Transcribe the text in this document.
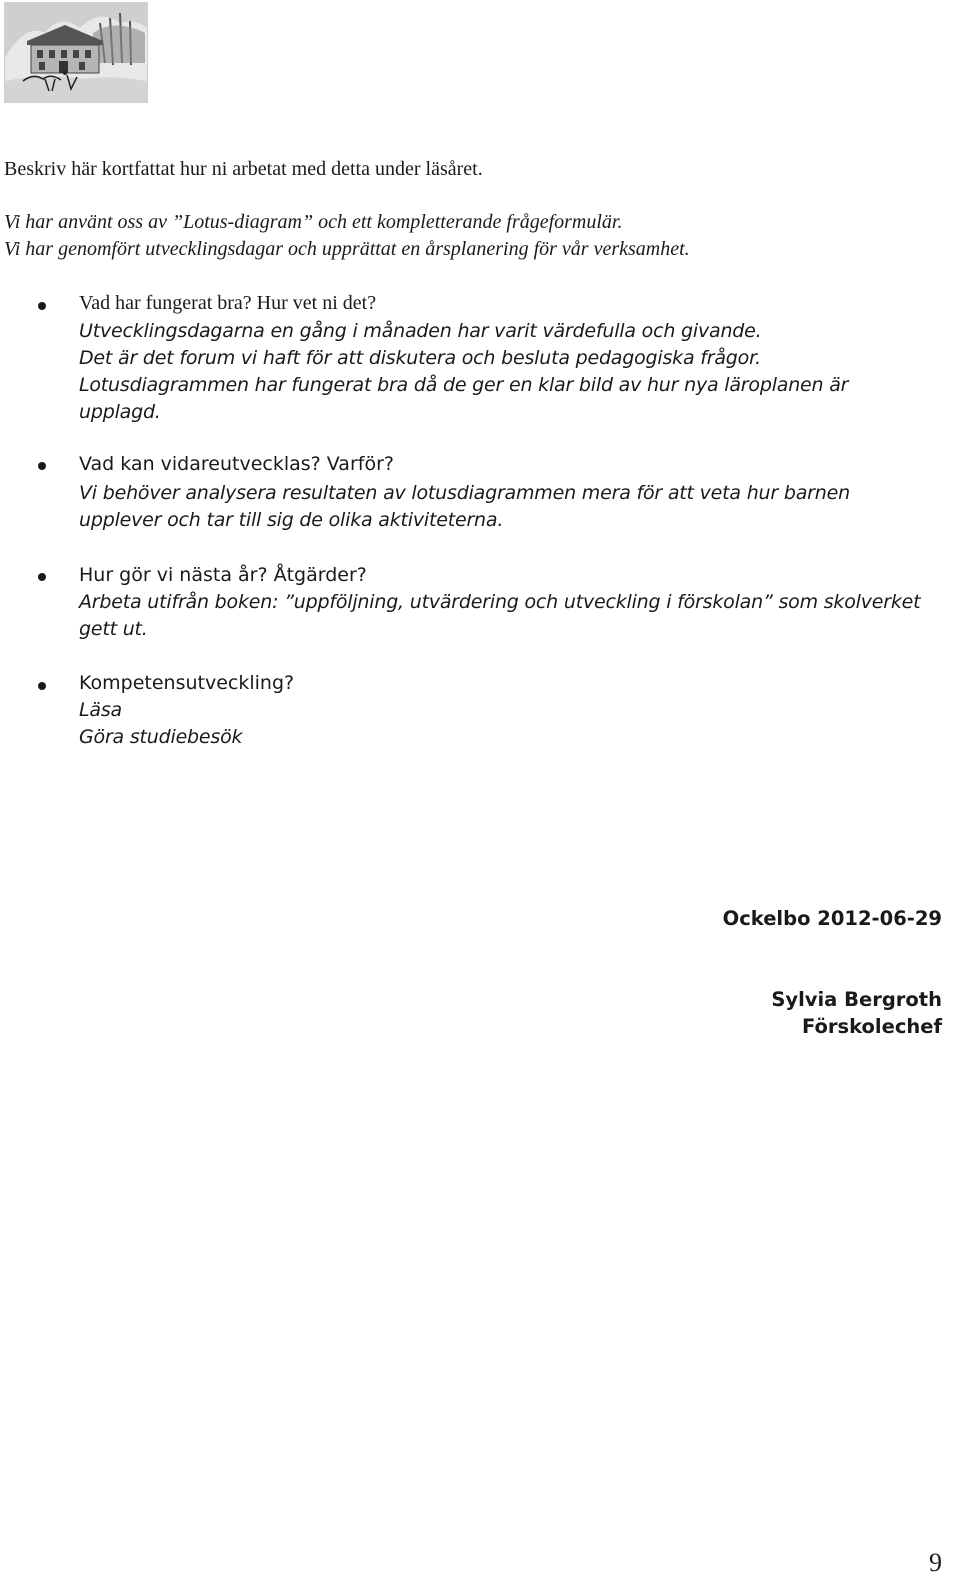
Beskriv här kortfattat hur ni arbetat med detta under läsåret.
Vi har använt oss av ”Lotus-diagram” och ett kompletterande frågeformulär.
Vi har genomfört utvecklingsdagar och upprättat en årsplanering för vår verksamhet.
Vad har fungerat bra? Hur vet ni det?
Utvecklingsdagarna en gång i månaden har varit värdefulla och givande.
Det är det forum vi haft för att diskutera och besluta pedagogiska frågor.
Lotusdiagrammen har fungerat bra då de ger en klar bild av hur nya läroplanen är
upplagd.
Vad kan vidareutvecklas? Varför?
Vi behöver analysera resultaten av lotusdiagrammen mera för att veta hur barnen
upplever och tar till sig de olika aktiviteterna.
Hur gör vi nästa år? Åtgärder?
Arbeta utifrån boken: ”uppföljning, utvärdering och utveckling i förskolan” som skolverket
gett ut.
Kompetensutveckling?
Läsa
Göra studiebesök
Ockelbo 2012-06-29
Sylvia Bergroth
Förskolechef
9
